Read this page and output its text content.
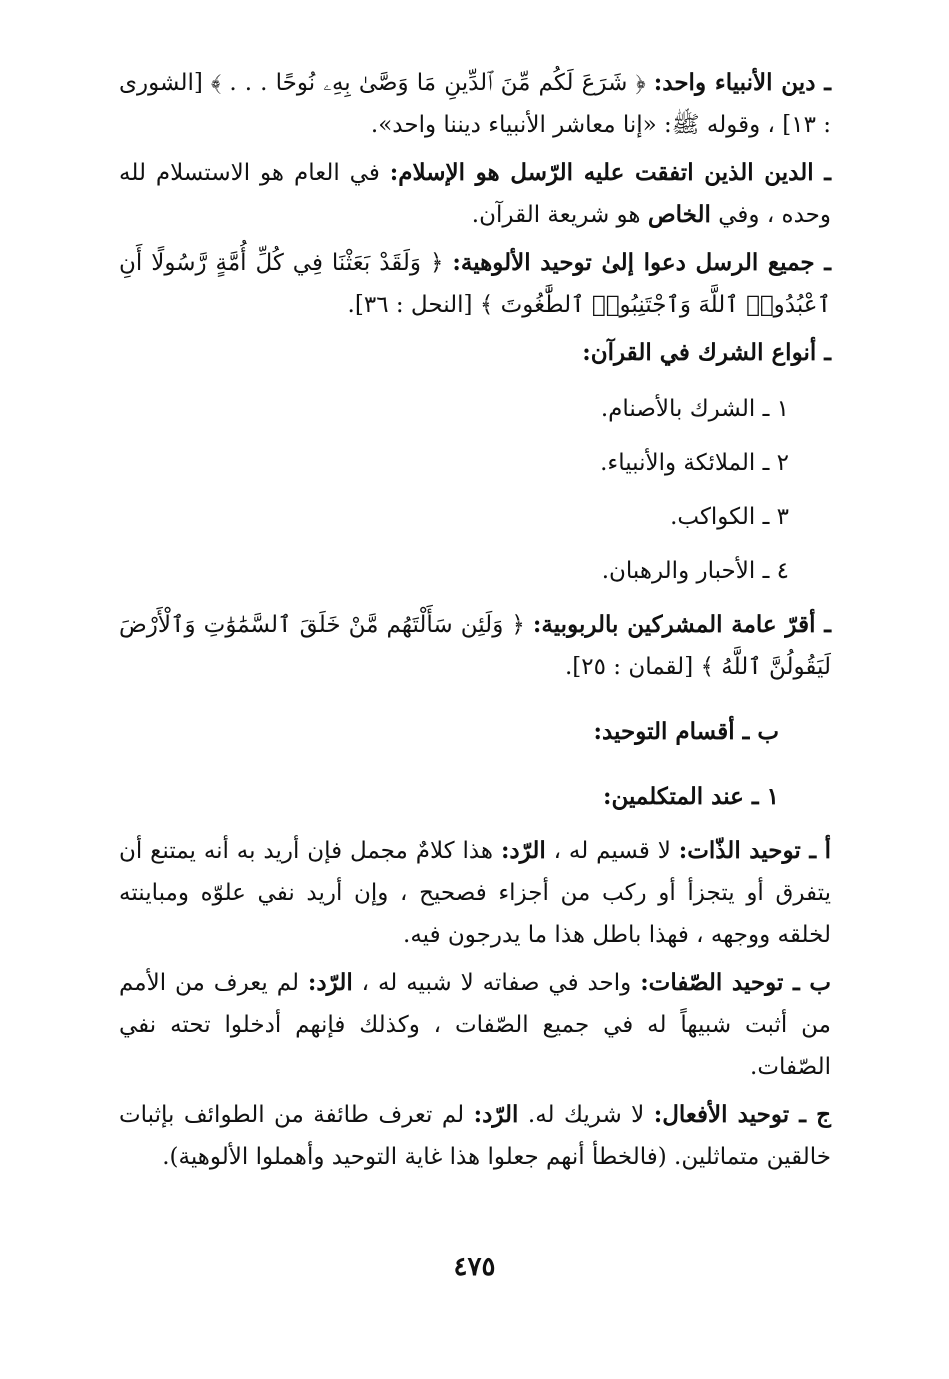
ـ دين الأنبياء واحد: ﴿ شَرَعَ لَكُم مِّنَ ٱلدِّينِ مَا وَصَّىٰ بِهِۦ نُوحًا . . . ﴾ [الشورى : ١٣] ، وقوله ﷺ: «إنا معاشر الأنبياء ديننا واحد».

ـ الدين الذين اتفقت عليه الرّسل هو الإسلام: في العام هو الاستسلام لله وحده ، وفي الخاص هو شريعة القرآن.

ـ جميع الرسل دعوا إلىٰ توحيد الألوهية: ﴿ وَلَقَدْ بَعَثْنَا فِي كُلِّ أُمَّةٍ رَّسُولًا أَنِ ٱعْبُدُوا۟ ٱللَّهَ وَٱجْتَنِبُوا۟ ٱلطَّٰغُوتَ ﴾ [النحل : ٣٦].

ـ أنواع الشرك في القرآن:

١ ـ الشرك بالأصنام.

٢ ـ الملائكة والأنبياء.

٣ ـ الكواكب.

٤ ـ الأحبار والرهبان.

ـ أقرّ عامة المشركين بالربوبية: ﴿ وَلَئِن سَأَلْتَهُم مَّنْ خَلَقَ ٱلسَّمَٰوَٰتِ وَٱلْأَرْضَ لَيَقُولُنَّ ٱللَّهُ ﴾ [لقمان : ٢٥].

ب ـ أقسام التوحيد:

١ ـ عند المتكلمين:

أ ـ توحيد الذّات: لا قسيم له ، الرّد: هذا كلامٌ مجمل فإن أريد به أنه يمتنع أن يتفرق أو يتجزأ أو ركب من أجزاء فصحيح ، وإن أريد نفي علوّه ومباينته لخلقه ووجهه ، فهذا باطل هذا ما يدرجون فيه.

ب ـ توحيد الصّفات: واحد في صفاته لا شبيه له ، الرّد: لم يعرف من الأمم من أثبت شبيهاً له في جميع الصّفات ، وكذلك فإنهم أدخلوا تحته نفي الصّفات.

ج ـ توحيد الأفعال: لا شريك له. الرّد: لم تعرف طائفة من الطوائف بإثبات خالقين متماثلين. (فالخطأ أنهم جعلوا هذا غاية التوحيد وأهملوا الألوهية).

٤٧٥
